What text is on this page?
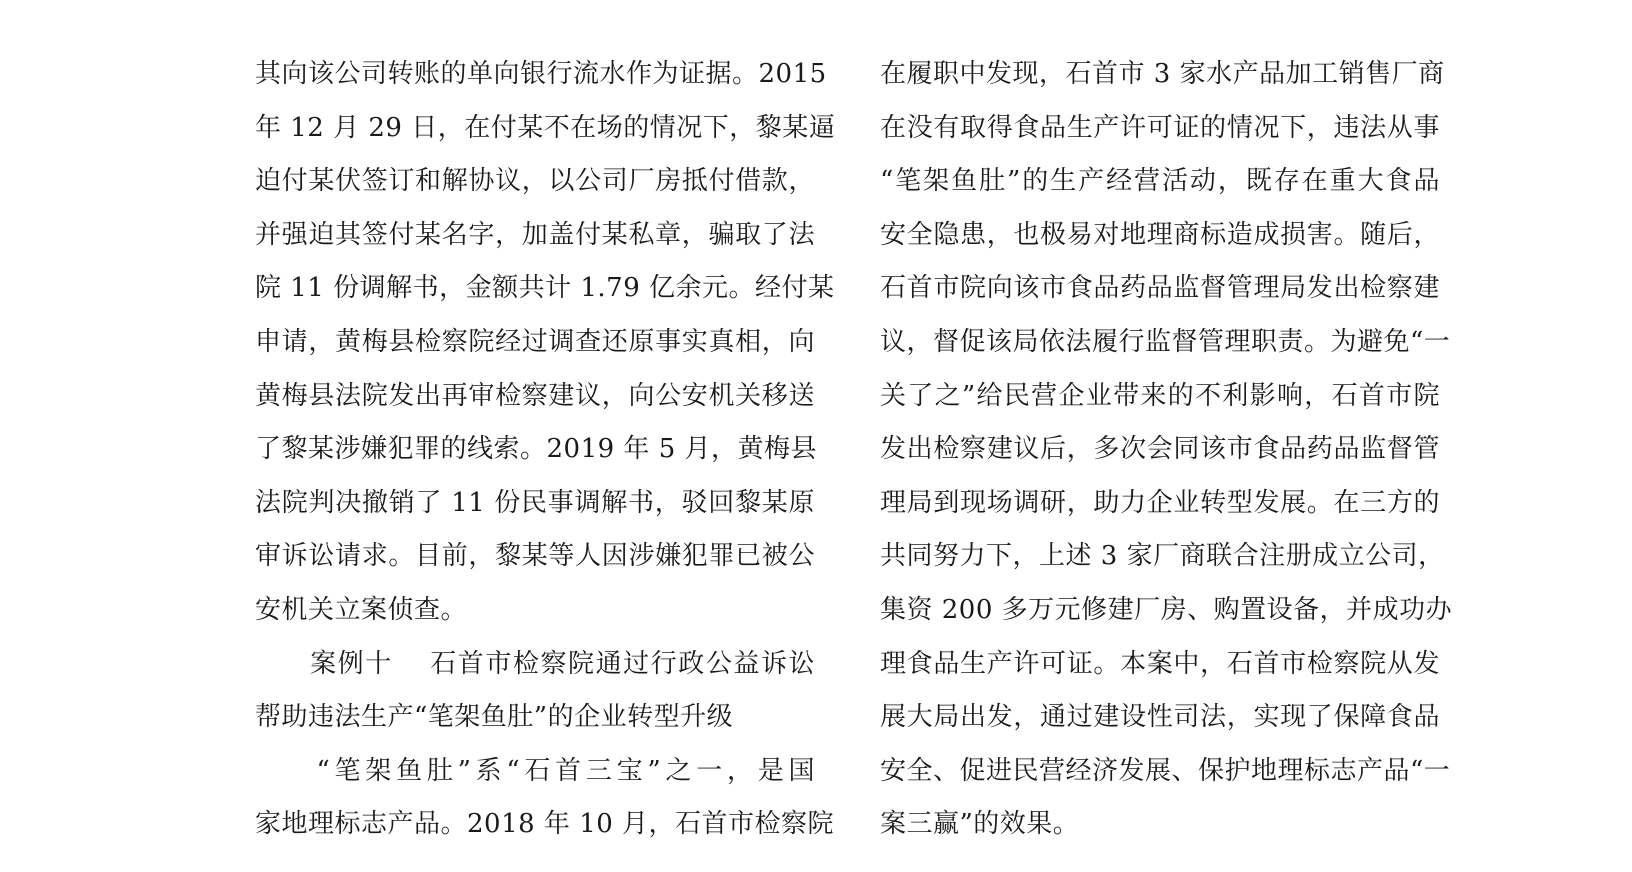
其向该公司转账的单向银行流水作为证据。2015
年 12 月 29 日，在付某不在场的情况下，黎某逼
迫付某伏签订和解协议，以公司厂房抵付借款，
并强迫其签付某名字，加盖付某私章，骗取了法
院 11 份调解书，金额共计 1.79 亿余元。经付某
申请，黄梅县检察院经过调查还原事实真相，向
黄梅县法院发出再审检察建议，向公安机关移送
了黎某涉嫌犯罪的线索。2019 年 5 月，黄梅县
法院判决撤销了 11 份民事调解书，驳回黎某原
审诉讼请求。目前，黎某等人因涉嫌犯罪已被公
安机关立案侦查。
　　案例十　 石首市检察院通过行政公益诉讼
帮助违法生产“笔架鱼肚”的企业转型升级
　　“笔架鱼肚”系“石首三宝”之一，是国
家地理标志产品。2018 年 10 月，石首市检察院
在履职中发现，石首市 3 家水产品加工销售厂商
在没有取得食品生产许可证的情况下，违法从事
“笔架鱼肚”的生产经营活动，既存在重大食品
安全隐患，也极易对地理商标造成损害。随后，
石首市院向该市食品药品监督管理局发出检察建
议，督促该局依法履行监督管理职责。为避免“一
关了之”给民营企业带来的不利影响，石首市院
发出检察建议后，多次会同该市食品药品监督管
理局到现场调研，助力企业转型发展。在三方的
共同努力下，上述 3 家厂商联合注册成立公司，
集资 200 多万元修建厂房、购置设备，并成功办
理食品生产许可证。本案中，石首市检察院从发
展大局出发，通过建设性司法，实现了保障食品
安全、促进民营经济发展、保护地理标志产品“一
案三赢”的效果。
